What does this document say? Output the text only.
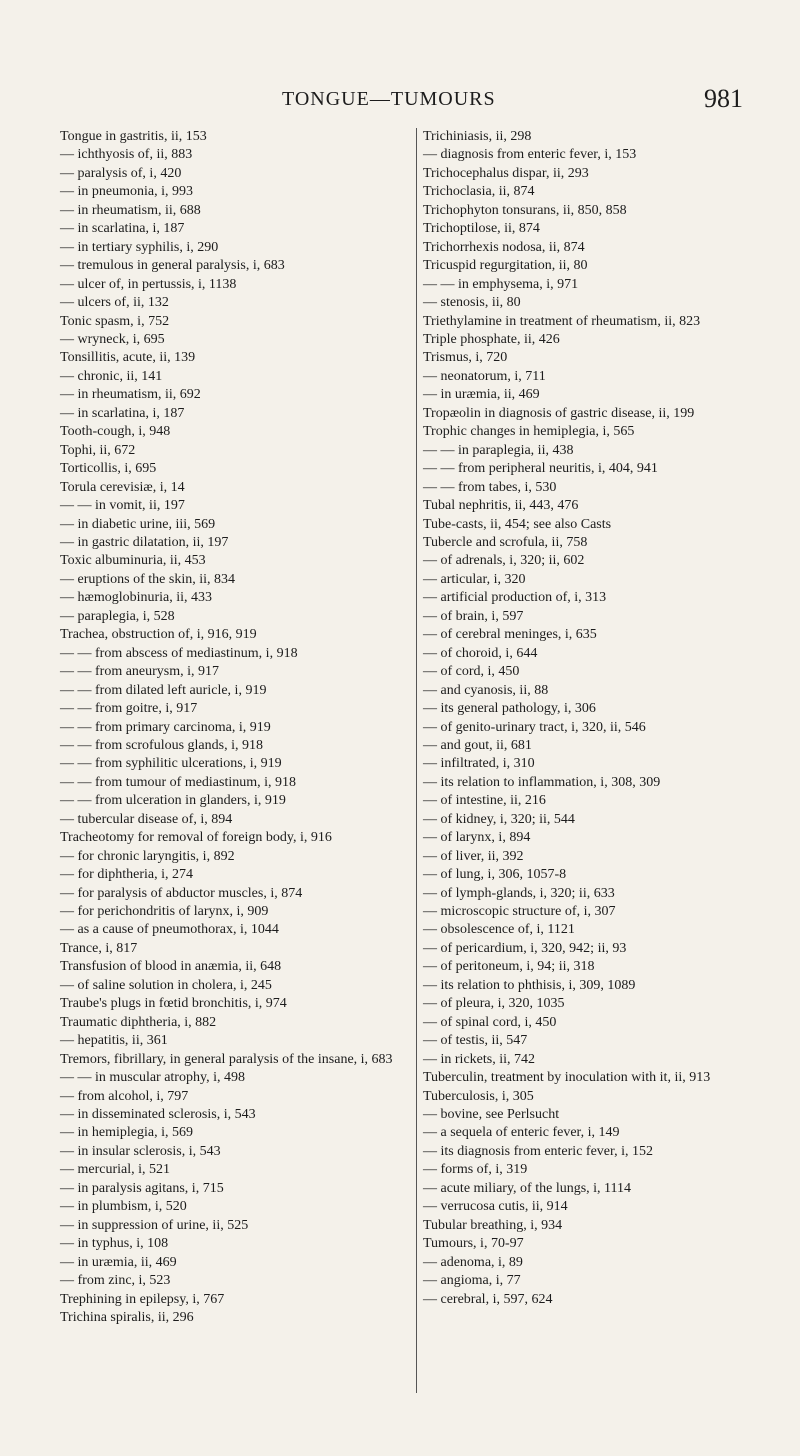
TONGUE—TUMOURS	981
Tongue in gastritis, ii, 153
— ichthyosis of, ii, 883
— paralysis of, i, 420
— in pneumonia, i, 993
— in rheumatism, ii, 688
— in scarlatina, i, 187
— in tertiary syphilis, i, 290
— tremulous in general paralysis, i, 683
— ulcer of, in pertussis, i, 1138
— ulcers of, ii, 132
Tonic spasm, i, 752
— wryneck, i, 695
Tonsillitis, acute, ii, 139
— chronic, ii, 141
— in rheumatism, ii, 692
— in scarlatina, i, 187
Tooth-cough, i, 948
Tophi, ii, 672
Torticollis, i, 695
Torula cerevisiæ, i, 14
— — in vomit, ii, 197
— in diabetic urine, iii, 569
— in gastric dilatation, ii, 197
Toxic albuminuria, ii, 453
— eruptions of the skin, ii, 834
— hæmoglobinuria, ii, 433
— paraplegia, i, 528
Trachea, obstruction of, i, 916, 919
— — from abscess of mediastinum, i, 918
— — from aneurysm, i, 917
— — from dilated left auricle, i, 919
— — from goitre, i, 917
— — from primary carcinoma, i, 919
— — from scrofulous glands, i, 918
— — from syphilitic ulcerations, i, 919
— — from tumour of mediastinum, i, 918
— — from ulceration in glanders, i, 919
— tubercular disease of, i, 894
Tracheotomy for removal of foreign body, i, 916
— for chronic laryngitis, i, 892
— for diphtheria, i, 274
— for paralysis of abductor muscles, i, 874
— for perichondritis of larynx, i, 909
— as a cause of pneumothorax, i, 1044
Trance, i, 817
Transfusion of blood in anæmia, ii, 648
— of saline solution in cholera, i, 245
Traube's plugs in fœtid bronchitis, i, 974
Traumatic diphtheria, i, 882
— hepatitis, ii, 361
Tremors, fibrillary, in general paralysis of the insane, i, 683
— — in muscular atrophy, i, 498
— from alcohol, i, 797
— in disseminated sclerosis, i, 543
— in hemiplegia, i, 569
— in insular sclerosis, i, 543
— mercurial, i, 521
— in paralysis agitans, i, 715
— in plumbism, i, 520
— in suppression of urine, ii, 525
— in typhus, i, 108
— in uræmia, ii, 469
— from zinc, i, 523
Trephining in epilepsy, i, 767
Trichina spiralis, ii, 296
Trichiniasis, ii, 298
— diagnosis from enteric fever, i, 153
Trichocephalus dispar, ii, 293
Trichoclasia, ii, 874
Trichophyton tonsurans, ii, 850, 858
Trichoptilose, ii, 874
Trichorrhexis nodosa, ii, 874
Tricuspid regurgitation, ii, 80
— — in emphysema, i, 971
— stenosis, ii, 80
Triethylamine in treatment of rheumatism, ii, 823
Triple phosphate, ii, 426
Trismus, i, 720
— neonatorum, i, 711
— in uræmia, ii, 469
Tropæolin in diagnosis of gastric disease, ii, 199
Trophic changes in hemiplegia, i, 565
— — in paraplegia, ii, 438
— — from peripheral neuritis, i, 404, 941
— — from tabes, i, 530
Tubal nephritis, ii, 443, 476
Tube-casts, ii, 454; see also Casts
Tubercle and scrofula, ii, 758
— of adrenals, i, 320; ii, 602
— articular, i, 320
— artificial production of, i, 313
— of brain, i, 597
— of cerebral meninges, i, 635
— of choroid, i, 644
— of cord, i, 450
— and cyanosis, ii, 88
— its general pathology, i, 306
— of genito-urinary tract, i, 320, ii, 546
— and gout, ii, 681
— infiltrated, i, 310
— its relation to inflammation, i, 308, 309
— of intestine, ii, 216
— of kidney, i, 320; ii, 544
— of larynx, i, 894
— of liver, ii, 392
— of lung, i, 306, 1057-8
— of lymph-glands, i, 320; ii, 633
— microscopic structure of, i, 307
— obsolescence of, i, 1121
— of pericardium, i, 320, 942; ii, 93
— of peritoneum, i, 94; ii, 318
— its relation to phthisis, i, 309, 1089
— of pleura, i, 320, 1035
— of spinal cord, i, 450
— of testis, ii, 547
— in rickets, ii, 742
Tuberculin, treatment by inoculation with it, ii, 913
Tuberculosis, i, 305
— bovine, see Perlsucht
— a sequela of enteric fever, i, 149
— its diagnosis from enteric fever, i, 152
— forms of, i, 319
— acute miliary, of the lungs, i, 1114
— verrucosa cutis, ii, 914
Tubular breathing, i, 934
Tumours, i, 70-97
— adenoma, i, 89
— angioma, i, 77
— cerebral, i, 597, 624
